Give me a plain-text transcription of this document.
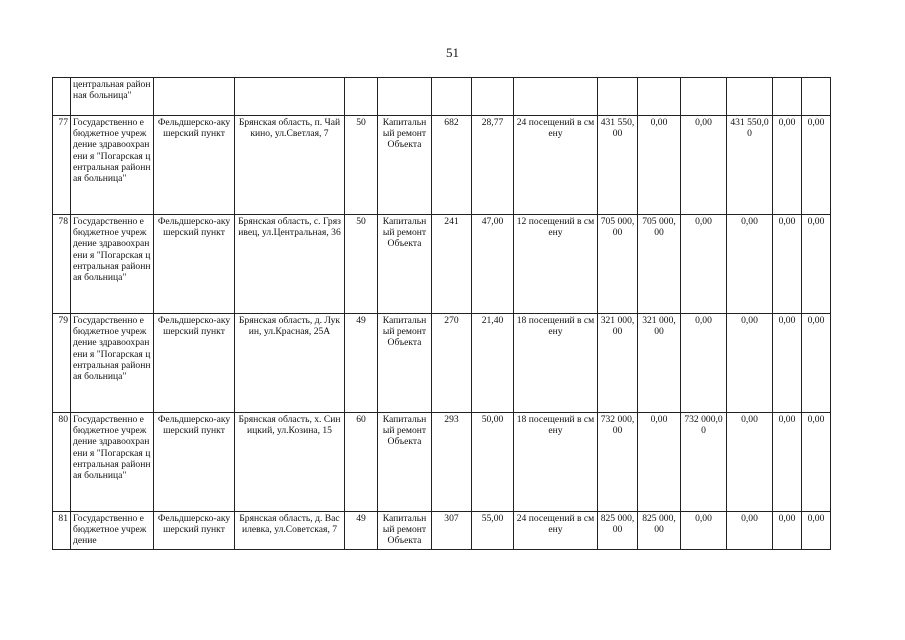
51
	центральная районная больница"													
77	Государственно е бюджетное учреждение здравоохранени я "Погарская центральная районная больница"	Фельдшерско-акушерский пункт	Брянская область, п. Чайкино, ул.Светлая, 7	50	Капитальн ый ремонт Объекта	682	28,77	24 посещений в смену	431 550,00	0,00	0,00	431 550,00	0,00	0,00
78	Государственно е бюджетное учреждение здравоохранени я "Погарская центральная районная больница"	Фельдшерско-акушерский пункт	Брянская область, с. Грязивец, ул.Центральная, 36	50	Капитальн ый ремонт Объекта	241	47,00	12 посещений в смену	705 000,00	705 000,00	0,00	0,00	0,00	0,00
79	Государственно е бюджетное учреждение здравоохранени я "Погарская центральная районная больница"	Фельдшерско-акушерский пункт	Брянская область, д. Лукин, ул.Красная, 25А	49	Капитальн ый ремонт Объекта	270	21,40	18 посещений в смену	321 000,00	321 000,00	0,00	0,00	0,00	0,00
80	Государственно е бюджетное учреждение здравоохранени я "Погарская центральная районная больница"	Фельдшерско-акушерский пункт	Брянская область, х. Синицкий, ул.Козина, 15	60	Капитальн ый ремонт Объекта	293	50,00	18 посещений в смену	732 000,00	0,00	732 000,00	0,00	0,00	0,00
81	Государственно е бюджетное учреждение	Фельдшерско-акушерский пункт	Брянская область, д. Василевка, ул.Советская, 7	49	Капитальн ый ремонт Объекта	307	55,00	24 посещений в смену	825 000,00	825 000,00	0,00	0,00	0,00	0,00
